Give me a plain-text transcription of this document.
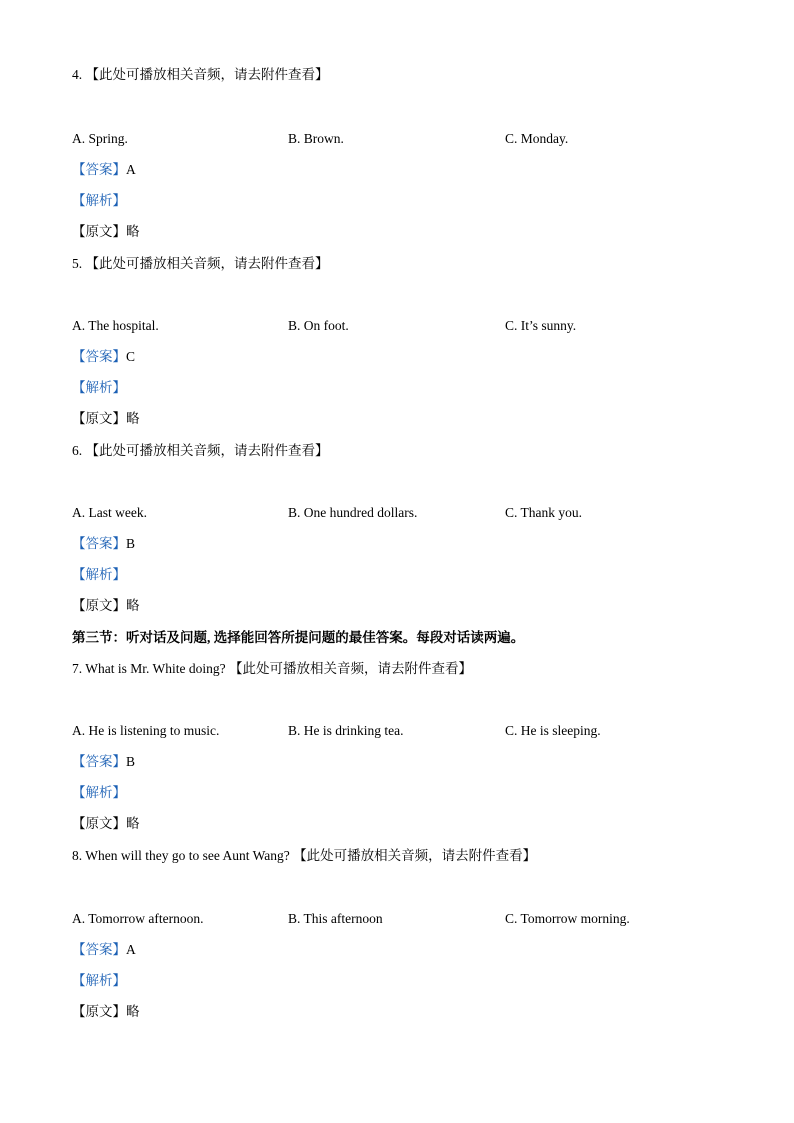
4. 【此处可播放相关音频，请去附件查看】
A. Spring.	B. Brown.	C. Monday.
【答案】A
【解析】
【原文】略
5. 【此处可播放相关音频，请去附件查看】
A. The hospital.	B. On foot.	C. It’s sunny.
【答案】C
【解析】
【原文】略
6. 【此处可播放相关音频，请去附件查看】
A. Last week.	B. One hundred dollars.	C. Thank you.
【答案】B
【解析】
【原文】略
第三节：听对话及问题, 选择能回答所提问题的最佳答案。每段对话读两遍。
7. What is Mr. White doing? 【此处可播放相关音频，请去附件查看】
A. He is listening to music.	B. He is drinking tea.	C. He is sleeping.
【答案】B
【解析】
【原文】略
8. When will they go to see Aunt Wang? 【此处可播放相关音频，请去附件查看】
A. Tomorrow afternoon.	B. This afternoon	C. Tomorrow morning.
【答案】A
【解析】
【原文】略
